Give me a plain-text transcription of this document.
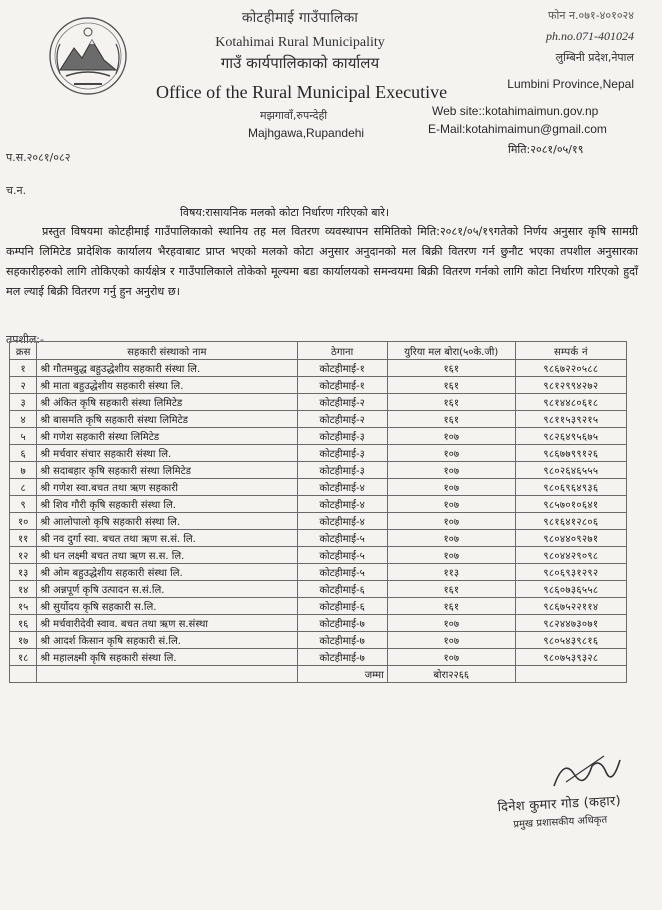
कोटहीमाई गाउँपालिका
Kotahimai Rural Municipality
गाउँ कार्यपालिकाको कार्यालय
Office of the Rural Municipal Executive
मझगावाँ,रुपन्देही
Majhgawa,Rupandehi
फोन न.०७१-४०१०२४
ph.no.071-401024
लुम्बिनी प्रदेश,नेपाल
Lumbini Province,Nepal
Web site::kotahimaimun.gov.np
E-Mail:kotahimaimun@gmail.com
मिति:२०८१/०५/१९
प.स.२०८१/०८२
च.न.
विषय:रासायनिक मलको कोटा निर्धारण गरिएको बारे।
प्रस्तुत विषयमा कोटहीमाई गाउँपालिकाको स्थानिय तह मल वितरण व्यवस्थापन समितिको मिति:२०८१/०५/१९गतेको निर्णय अनुसार कृषि सामग्री कम्पनि लिमिटेड प्रादेशिक कार्यालय भैरहवाबाट प्राप्त भएको मलको कोटा अनुसार अनुदानको मल बिक्री वितरण गर्न छुनौट भएका तपशील अनुसारका सहकारीहरुको लागि तोकिएको कार्यक्षेत्र र गाउँपालिकाले तोकेको मूल्यमा बडा कार्यालयको समन्वयमा बिक्री वितरण गर्नको लागि कोटा निर्धारण गरिएको हुदाँ मल ल्याई बिक्री वितरण गर्नु हुन अनुरोध छ।
तपशील:-
क्रस	सहकारी संस्थाको नाम	ठेगाना	युरिया मल बोरा(५०के.जी)	सम्पर्क नं
१	श्री गौतमबुद्ध बहुउद्धेशीय सहकारी संस्था लि.	कोटहीमाई-१	१६१	९८६७२२०५८८
२	श्री माता बहुउद्धेशीय सहकारी संस्था लि.	कोटहीमाई-१	१६१	९८१२९९४२७२
३	श्री अंकित कृषि सहकारी संस्था लिमिटेड	कोटहीमाई-२	१६१	९८१४४८०६१८
४	श्री बासमति कृषि सहकारी संस्था लिमिटेड	कोटहीमाई-२	१६१	९८११५३९२१५
५	श्री गणेश सहकारी संस्था लिमिटेड	कोटहीमाई-३	१०७	९८२६४९५६७५
६	श्री मर्चवार संचार सहकारी संस्था लि.	कोटहीमाई-३	१०७	९८६७७९९१२६
७	श्री सदाबहार कृषि सहकारी संस्था लिमिटेड	कोटहीमाई-३	१०७	९८०२६४६५५५
८	श्री गणेश स्वा.बचत तथा ऋण सहकारी	कोटहीमाई-४	१०७	९८०६९६४९३६
९	श्री शिव गौरी कृषि सहकारी संस्था लि.	कोटहीमाई-४	१०७	९८५७०१०६४१
१०	श्री आलोपालो कृषि सहकारी संस्था लि.	कोटहीमाई-४	१०७	९८१६४१२८०६
११	श्री नव दुर्गा स्वा. बचत तथा ऋण स.सं. लि.	कोटहीमाई-५	१०७	९८०४४०९२७१
१२	श्री धन लक्ष्मी बचत तथा ऋण स.स. लि.	कोटहीमाई-५	१०७	९८०४४२९०९८
१३	श्री ओम बहुउद्धेशीय सहकारी संस्था लि.	कोटहीमाई-५	११३	९८०६९३१२९२
१४	श्री अन्नपूर्ण कृषि उत्पादन स.सं.लि.	कोटहीमाई-६	१६१	९८६०७३६५५८
१५	श्री सुर्योदय कृषि सहकारी स.लि.	कोटहीमाई-६	१६१	९८६७५२२११४
१६	श्री मर्चवारीदेवी स्वाव. बचत तथा ऋण स.संस्था	कोटहीमाई-७	१०७	९८२४४७३०७१
१७	श्री आदर्श किसान कृषि सहकारी सं.लि.	कोटहीमाई-७	१०७	९८०५४३९८१६
१८	श्री महालक्ष्मी कृषि सहकारी संस्था लि.	कोटहीमाई-७	१०७	९८०७५३९३२८
		जम्मा	बोरा२२६६	
दिनेश कुमार गोड (कहार)
प्रमुख प्रशासकीय अधिकृत
